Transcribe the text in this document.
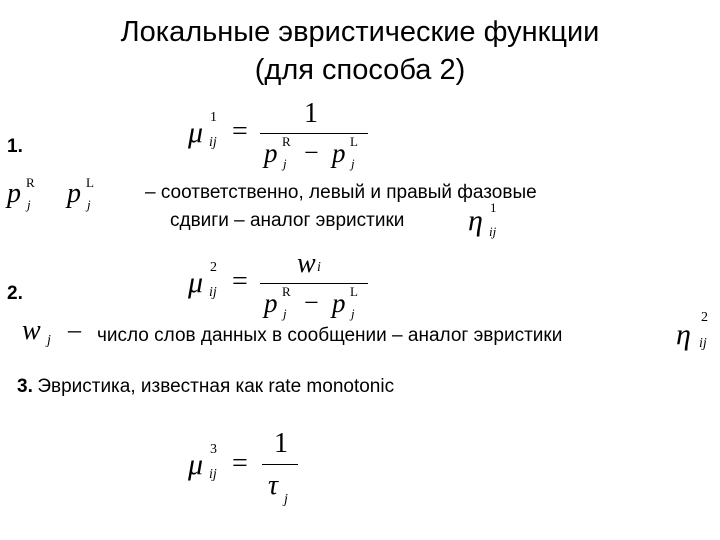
Локальные эвристические функции
(для способа 2)
1.	μ 1
ij =
1
p R
j − p L
j
p R
j p L
j
– соответственно, левый и правый фазовые
сдвиги – аналог эвристики η 1
ij
2.	μ 2
ij =
w i
p R
j − p L
j
w j – число слов данных в сообщении – аналог эвристики	η
2
ij
3. Эвристика, известная как rate monotonic
μ 3
ij =
1
τ j
